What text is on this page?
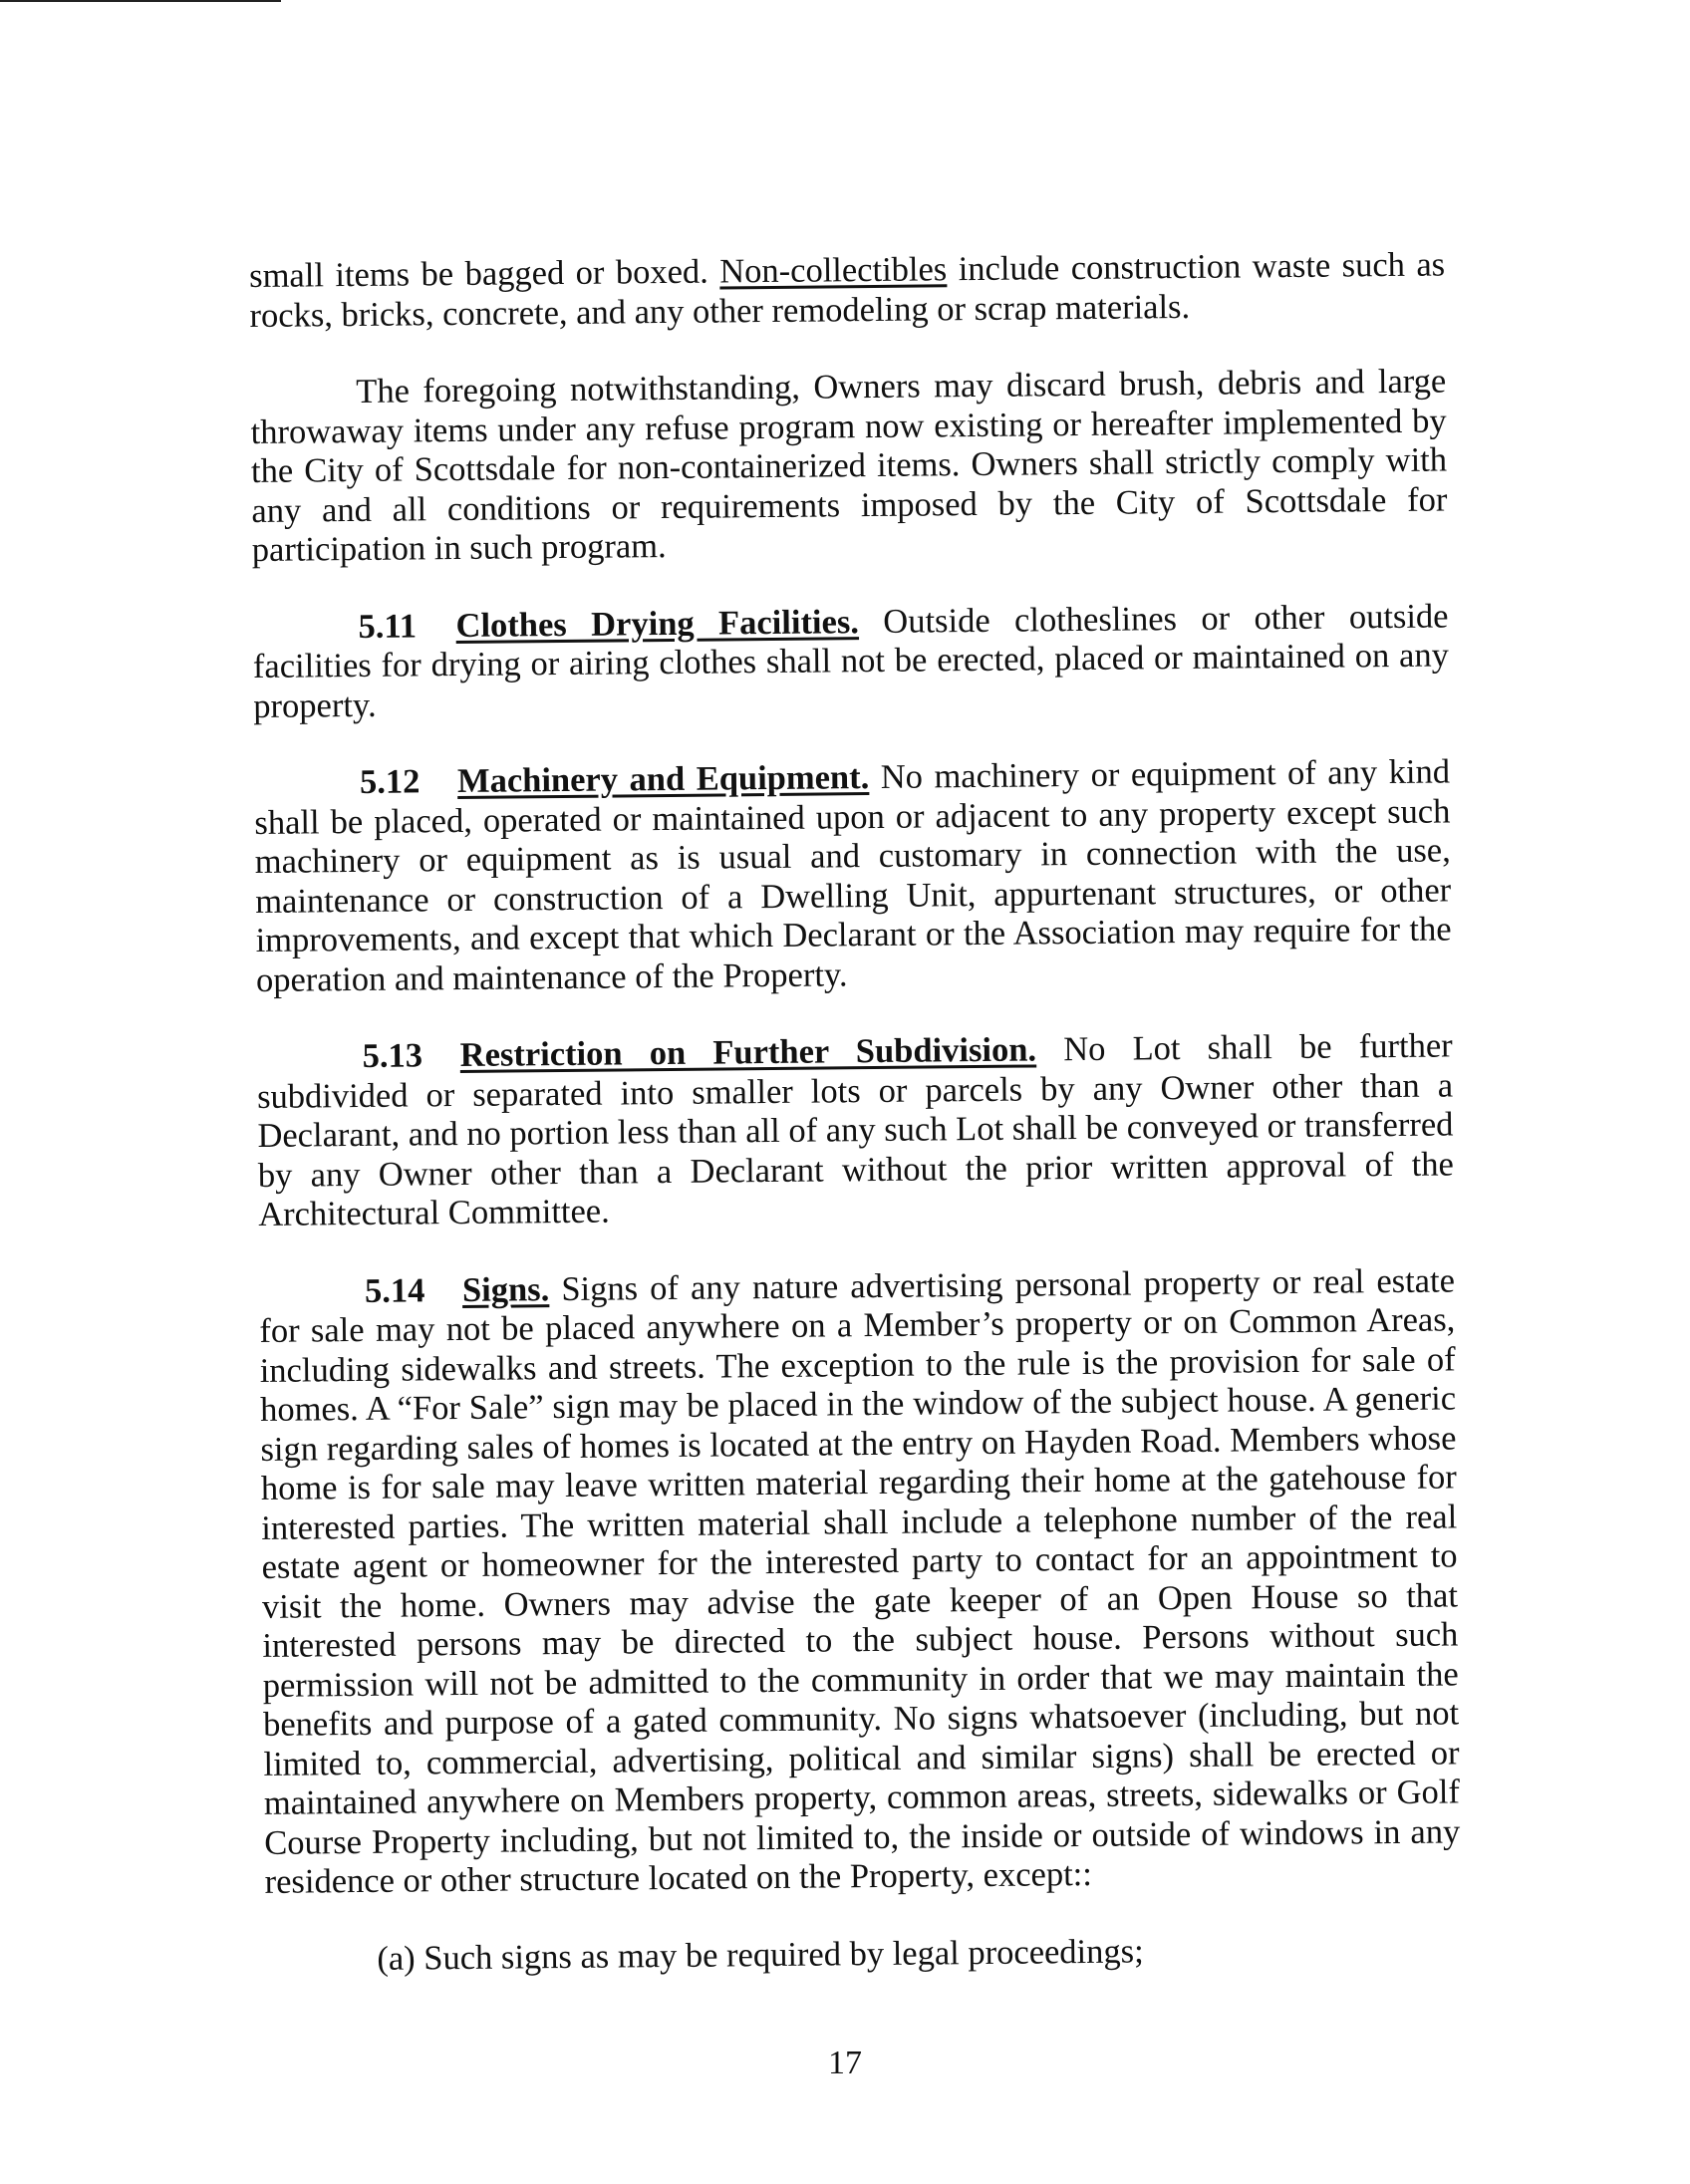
small items be bagged or boxed. Non-collectibles include construction waste such as rocks, bricks, concrete, and any other remodeling or scrap materials.

The foregoing notwithstanding, Owners may discard brush, debris and large throwaway items under any refuse program now existing or hereafter implemented by the City of Scottsdale for non-containerized items. Owners shall strictly comply with any and all conditions or requirements imposed by the City of Scottsdale for participation in such program.

5.11 Clothes Drying Facilities. Outside clotheslines or other outside facilities for drying or airing clothes shall not be erected, placed or maintained on any property.

5.12 Machinery and Equipment. No machinery or equipment of any kind shall be placed, operated or maintained upon or adjacent to any property except such machinery or equipment as is usual and customary in connection with the use, maintenance or construction of a Dwelling Unit, appurtenant structures, or other improvements, and except that which Declarant or the Association may require for the operation and maintenance of the Property.

5.13 Restriction on Further Subdivision. No Lot shall be further subdivided or separated into smaller lots or parcels by any Owner other than a Declarant, and no portion less than all of any such Lot shall be conveyed or transferred by any Owner other than a Declarant without the prior written approval of the Architectural Committee.

5.14 Signs. Signs of any nature advertising personal property or real estate for sale may not be placed anywhere on a Member’s property or on Common Areas, including sidewalks and streets. The exception to the rule is the provision for sale of homes. A “For Sale” sign may be placed in the window of the subject house. A generic sign regarding sales of homes is located at the entry on Hayden Road. Members whose home is for sale may leave written material regarding their home at the gatehouse for interested parties. The written material shall include a telephone number of the real estate agent or homeowner for the interested party to contact for an appointment to visit the home. Owners may advise the gate keeper of an Open House so that interested persons may be directed to the subject house. Persons without such permission will not be admitted to the community in order that we may maintain the benefits and purpose of a gated community. No signs whatsoever (including, but not limited to, commercial, advertising, political and similar signs) shall be erected or maintained anywhere on Members property, common areas, streets, sidewalks or Golf Course Property including, but not limited to, the inside or outside of windows in any residence or other structure located on the Property, except::

(a) Such signs as may be required by legal proceedings;

17
